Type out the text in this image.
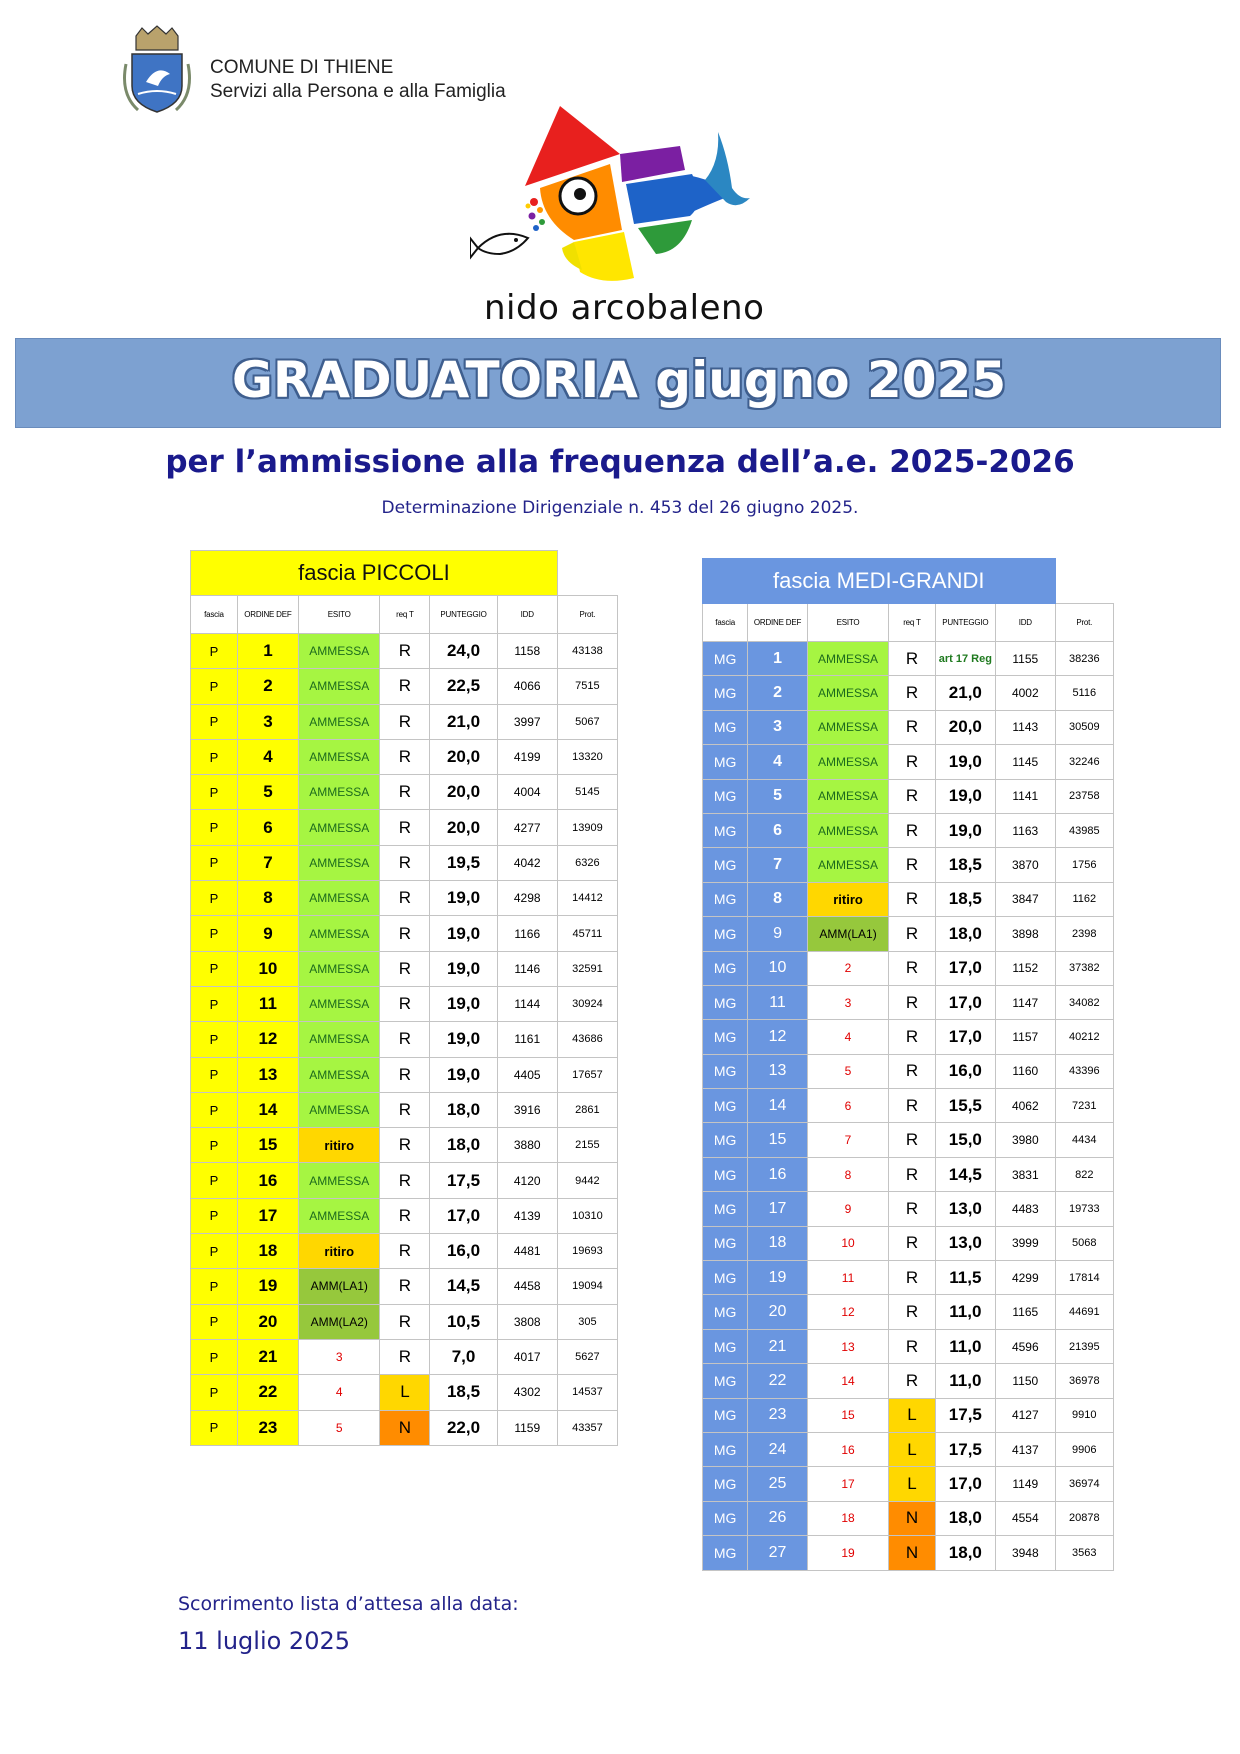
COMUNE DI THIENE
Servizi alla Persona e alla Famiglia
nido arcobaleno
GRADUATORIA giugno 2025
per l’ammissione alla frequenza dell’a.e. 2025-2026
Determinazione Dirigenziale n. 453 del 26 giugno 2025.
fascia PICCOLI						
fascia	ORDINE DEF	ESITO	req T	PUNTEGGIO	IDD	Prot.
P	1	AMMESSA	R	24,0	1158	43138
P	2	AMMESSA	R	22,5	4066	7515
P	3	AMMESSA	R	21,0	3997	5067
P	4	AMMESSA	R	20,0	4199	13320
P	5	AMMESSA	R	20,0	4004	5145
P	6	AMMESSA	R	20,0	4277	13909
P	7	AMMESSA	R	19,5	4042	6326
P	8	AMMESSA	R	19,0	4298	14412
P	9	AMMESSA	R	19,0	1166	45711
P	10	AMMESSA	R	19,0	1146	32591
P	11	AMMESSA	R	19,0	1144	30924
P	12	AMMESSA	R	19,0	1161	43686
P	13	AMMESSA	R	19,0	4405	17657
P	14	AMMESSA	R	18,0	3916	2861
P	15	ritiro	R	18,0	3880	2155
P	16	AMMESSA	R	17,5	4120	9442
P	17	AMMESSA	R	17,0	4139	10310
P	18	ritiro	R	16,0	4481	19693
P	19	AMM(LA1)	R	14,5	4458	19094
P	20	AMM(LA2)	R	10,5	3808	305
P	21	3	R	7,0	4017	5627
P	22	4	L	18,5	4302	14537
P	23	5	N	22,0	1159	43357
fascia MEDI-GRANDI						
fascia	ORDINE DEF	ESITO	req T	PUNTEGGIO	IDD	Prot.
MG	1	AMMESSA	R	art 17 Reg	1155	38236
MG	2	AMMESSA	R	21,0	4002	5116
MG	3	AMMESSA	R	20,0	1143	30509
MG	4	AMMESSA	R	19,0	1145	32246
MG	5	AMMESSA	R	19,0	1141	23758
MG	6	AMMESSA	R	19,0	1163	43985
MG	7	AMMESSA	R	18,5	3870	1756
MG	8	ritiro	R	18,5	3847	1162
MG	9	AMM(LA1)	R	18,0	3898	2398
MG	10	2	R	17,0	1152	37382
MG	11	3	R	17,0	1147	34082
MG	12	4	R	17,0	1157	40212
MG	13	5	R	16,0	1160	43396
MG	14	6	R	15,5	4062	7231
MG	15	7	R	15,0	3980	4434
MG	16	8	R	14,5	3831	822
MG	17	9	R	13,0	4483	19733
MG	18	10	R	13,0	3999	5068
MG	19	11	R	11,5	4299	17814
MG	20	12	R	11,0	1165	44691
MG	21	13	R	11,0	4596	21395
MG	22	14	R	11,0	1150	36978
MG	23	15	L	17,5	4127	9910
MG	24	16	L	17,5	4137	9906
MG	25	17	L	17,0	1149	36974
MG	26	18	N	18,0	4554	20878
MG	27	19	N	18,0	3948	3563
Scorrimento lista d’attesa alla data:
11 luglio 2025
